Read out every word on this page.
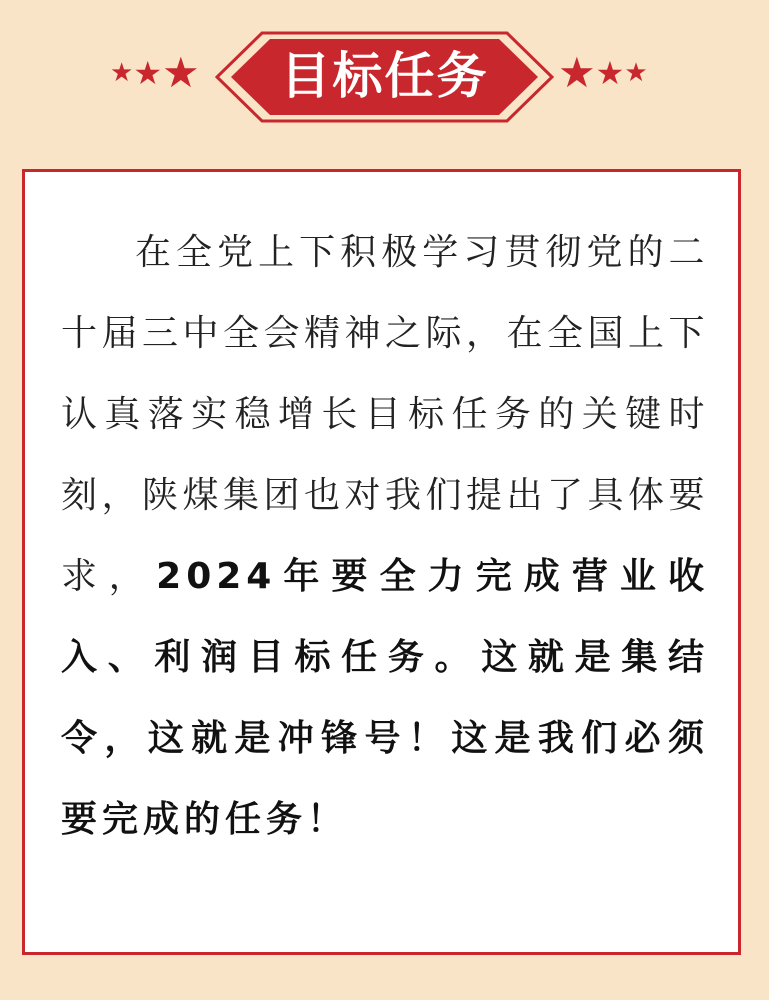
★ ★ ★	目标任务	★ ★ ★

在全党上下积极学习贯彻党的二十届三中全会精神之际，在全国上下认真落实稳增长目标任务的关键时刻，陕煤集团也对我们提出了具体要求，2024年要全力完成营业收入、利润目标任务。这就是集结令，这就是冲锋号！这是我们必须要完成的任务！
